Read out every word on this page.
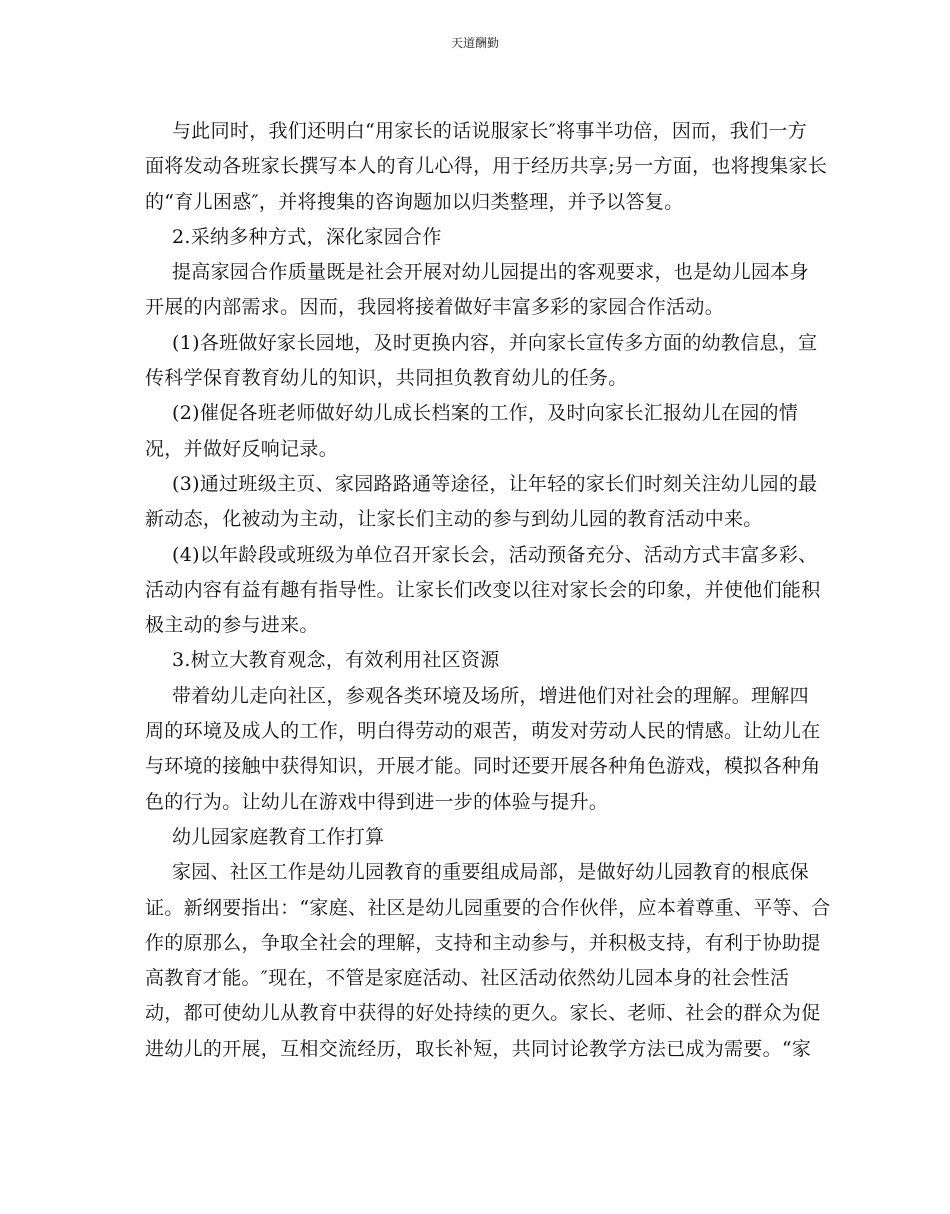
天道酬勤
与此同时，我们还明白“用家长的话说服家长″将事半功倍，因而，我们一方
面将发动各班家长撰写本人的育儿心得，用于经历共享;另一方面，也将搜集家长
的“育儿困惑″，并将搜集的咨询题加以归类整理，并予以答复。
2.采纳多种方式，深化家园合作
提高家园合作质量既是社会开展对幼儿园提出的客观要求，也是幼儿园本身
开展的内部需求。因而，我园将接着做好丰富多彩的家园合作活动。
(1)各班做好家长园地，及时更换内容，并向家长宣传多方面的幼教信息，宣
传科学保育教育幼儿的知识，共同担负教育幼儿的任务。
(2)催促各班老师做好幼儿成长档案的工作，及时向家长汇报幼儿在园的情
况，并做好反响记录。
(3)通过班级主页、家园路路通等途径，让年轻的家长们时刻关注幼儿园的最
新动态，化被动为主动，让家长们主动的参与到幼儿园的教育活动中来。
(4)以年龄段或班级为单位召开家长会，活动预备充分、活动方式丰富多彩、
活动内容有益有趣有指导性。让家长们改变以往对家长会的印象，并使他们能积
极主动的参与进来。
3.树立大教育观念，有效利用社区资源
带着幼儿走向社区，参观各类环境及场所，增进他们对社会的理解。理解四
周的环境及成人的工作，明白得劳动的艰苦，萌发对劳动人民的情感。让幼儿在
与环境的接触中获得知识，开展才能。同时还要开展各种角色游戏，模拟各种角
色的行为。让幼儿在游戏中得到进一步的体验与提升。
幼儿园家庭教育工作打算
家园、社区工作是幼儿园教育的重要组成局部，是做好幼儿园教育的根底保
证。新纲要指出：“家庭、社区是幼儿园重要的合作伙伴，应本着尊重、平等、合
作的原那么，争取全社会的理解，支持和主动参与，并积极支持，有利于协助提
高教育才能。″现在，不管是家庭活动、社区活动依然幼儿园本身的社会性活
动，都可使幼儿从教育中获得的好处持续的更久。家长、老师、社会的群众为促
进幼儿的开展，互相交流经历，取长补短，共同讨论教学方法已成为需要。“家
